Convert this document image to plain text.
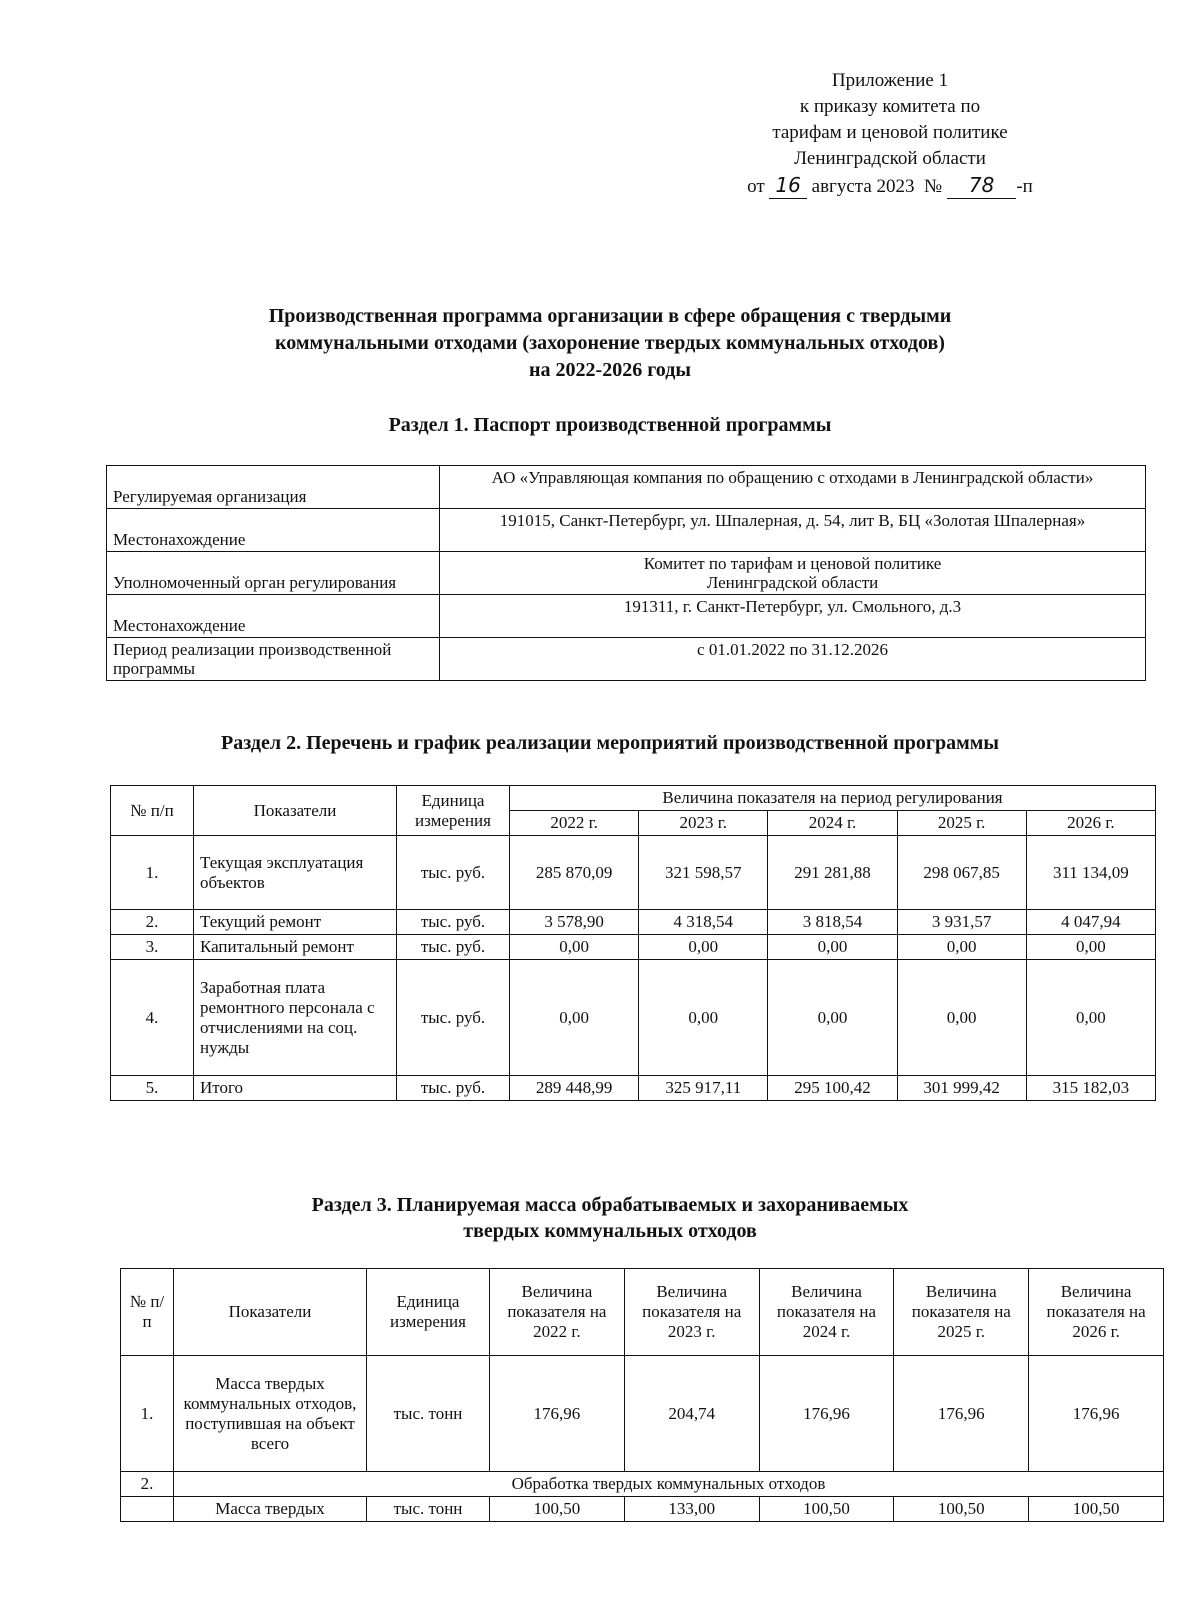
Приложение 1
к приказу комитета по
тарифам и ценовой политике
Ленинградской области
от 16 августа 2023 № 78 -п
Производственная программа организации в сфере обращения с твердыми
коммунальными отходами (захоронение твердых коммунальных отходов)
на 2022-2026 годы
Раздел 1. Паспорт производственной программы
Регулируемая организация	АО «Управляющая компания по обращению с отходами в Ленинградской области»
Местонахождение	191015, Санкт-Петербург, ул. Шпалерная, д. 54, лит В, БЦ «Золотая Шпалерная»
Уполномоченный орган регулирования	Комитет по тарифам и ценовой политике
Ленинградской области
Местонахождение	191311, г. Санкт-Петербург, ул. Смольного, д.3
Период реализации производственной программы	с 01.01.2022 по 31.12.2026
Раздел 2. Перечень и график реализации мероприятий производственной программы
№ п/п	Показатели	Единица измерения	Величина показателя на период регулирования				
			2022 г.	2023 г.	2024 г.	2025 г.	2026 г.
1.	Текущая эксплуатация объектов	тыс. руб.	285 870,09	321 598,57	291 281,88	298 067,85	311 134,09
2.	Текущий ремонт	тыс. руб.	3 578,90	4 318,54	3 818,54	3 931,57	4 047,94
3.	Капитальный ремонт	тыс. руб.	0,00	0,00	0,00	0,00	0,00
4.	Заработная плата ремонтного персонала с отчислениями на соц. нужды	тыс. руб.	0,00	0,00	0,00	0,00	0,00
5.	Итого	тыс. руб.	289 448,99	325 917,11	295 100,42	301 999,42	315 182,03
Раздел 3. Планируемая масса обрабатываемых и захораниваемых
твердых коммунальных отходов
№ п/п	Показатели	Единица измерения	Величина показателя на 2022 г.	Величина показателя на 2023 г.	Величина показателя на 2024 г.	Величина показателя на 2025 г.	Величина показателя на 2026 г.
1.	Масса твердых коммунальных отходов, поступившая на объект всего	тыс. тонн	176,96	204,74	176,96	176,96	176,96
2.	Обработка твердых коммунальных отходов						
	Масса твердых	тыс. тонн	100,50	133,00	100,50	100,50	100,50
